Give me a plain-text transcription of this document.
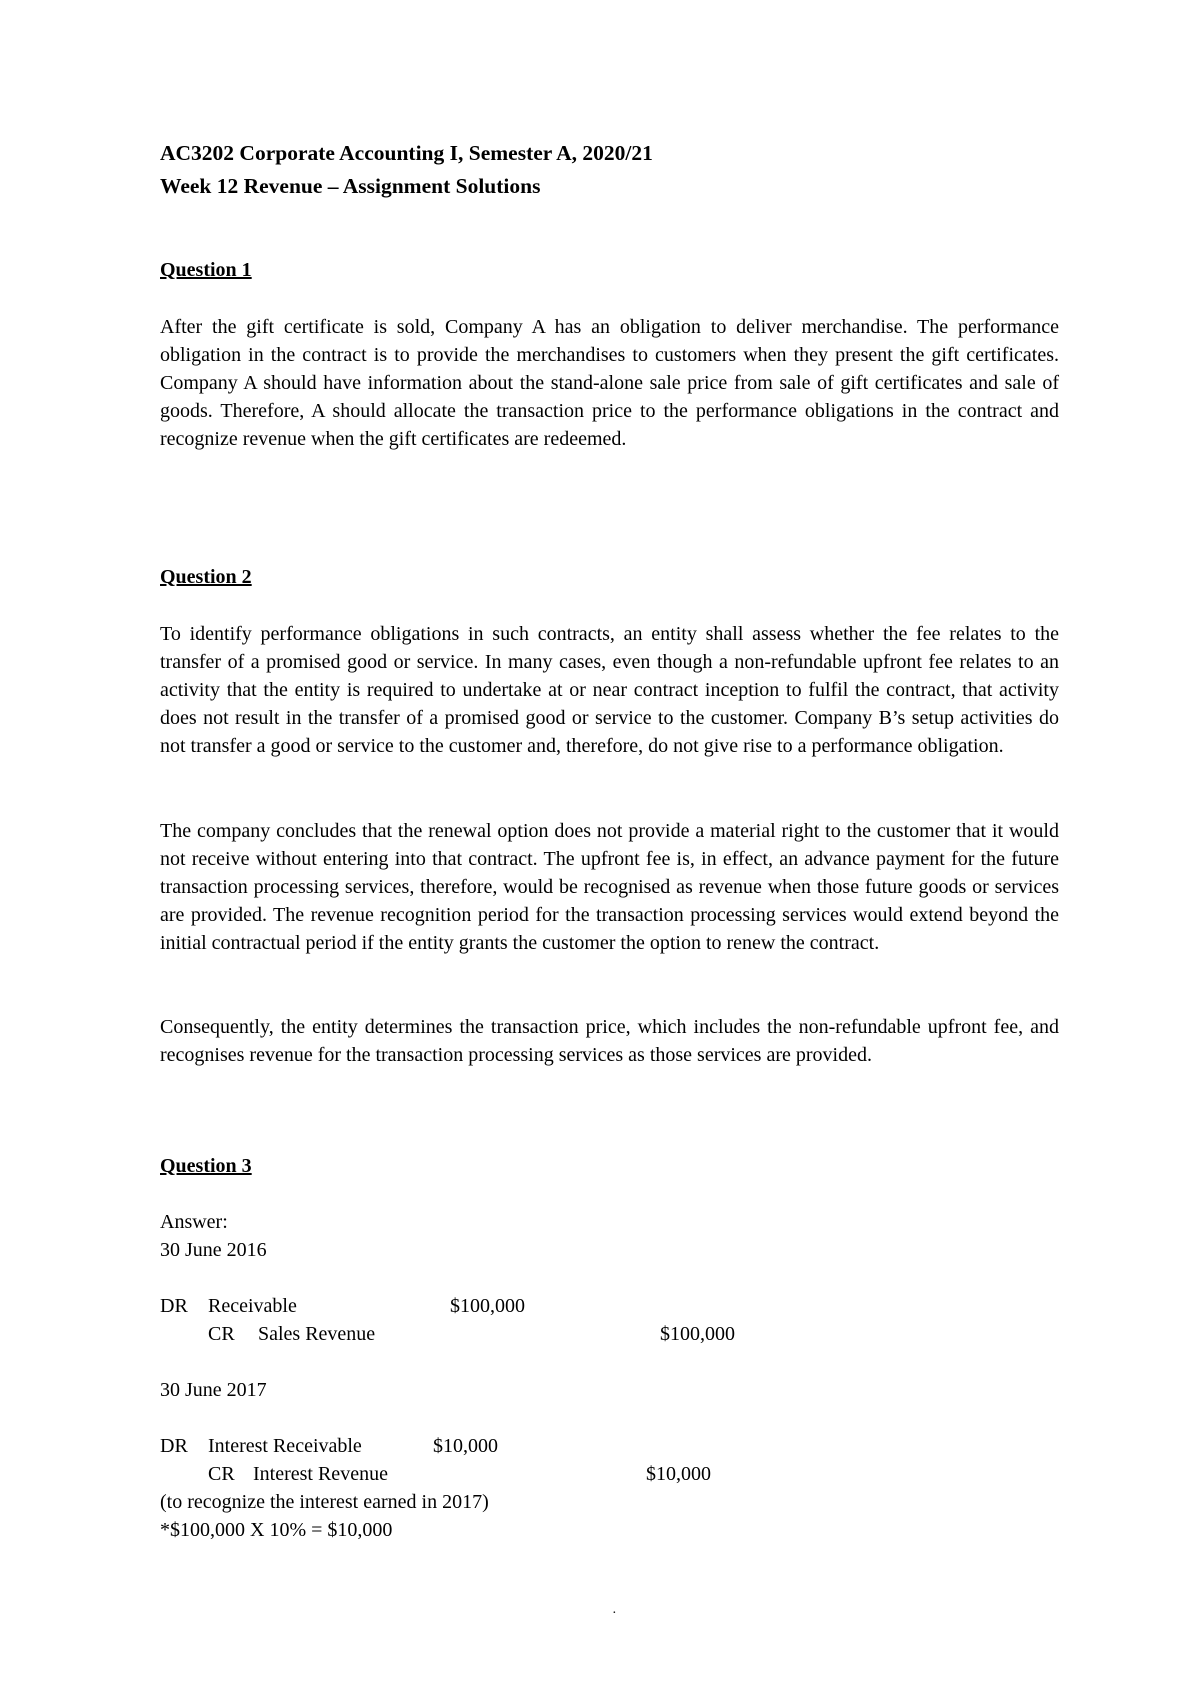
AC3202 Corporate Accounting I, Semester A, 2020/21
Week 12 Revenue – Assignment Solutions
Question 1
After the gift certificate is sold, Company A has an obligation to deliver merchandise. The performance obligation in the contract is to provide the merchandises to customers when they present the gift certificates. Company A should have information about the stand-alone sale price from sale of gift certificates and sale of goods. Therefore, A should allocate the transaction price to the performance obligations in the contract and recognize revenue when the gift certificates are redeemed.
Question 2
To identify performance obligations in such contracts, an entity shall assess whether the fee relates to the transfer of a promised good or service. In many cases, even though a non-refundable upfront fee relates to an activity that the entity is required to undertake at or near contract inception to fulfil the contract, that activity does not result in the transfer of a promised good or service to the customer. Company B’s setup activities do not transfer a good or service to the customer and, therefore, do not give rise to a performance obligation.
The company concludes that the renewal option does not provide a material right to the customer that it would not receive without entering into that contract. The upfront fee is, in effect, an advance payment for the future transaction processing services, therefore, would be recognised as revenue when those future goods or services are provided. The revenue recognition period for the transaction processing services would extend beyond the initial contractual period if the entity grants the customer the option to renew the contract.
Consequently, the entity determines the transaction price, which includes the non-refundable upfront fee, and recognises revenue for the transaction processing services as those services are provided.
Question 3
Answer:
30 June 2016
DR Receivable	$100,000
CR Sales Revenue	$100,000
30 June 2017
DR Interest Receivable	$10,000
CR Interest Revenue	$10,000
(to recognize the interest earned in 2017)
*$100,000 X 10% = $10,000
·
